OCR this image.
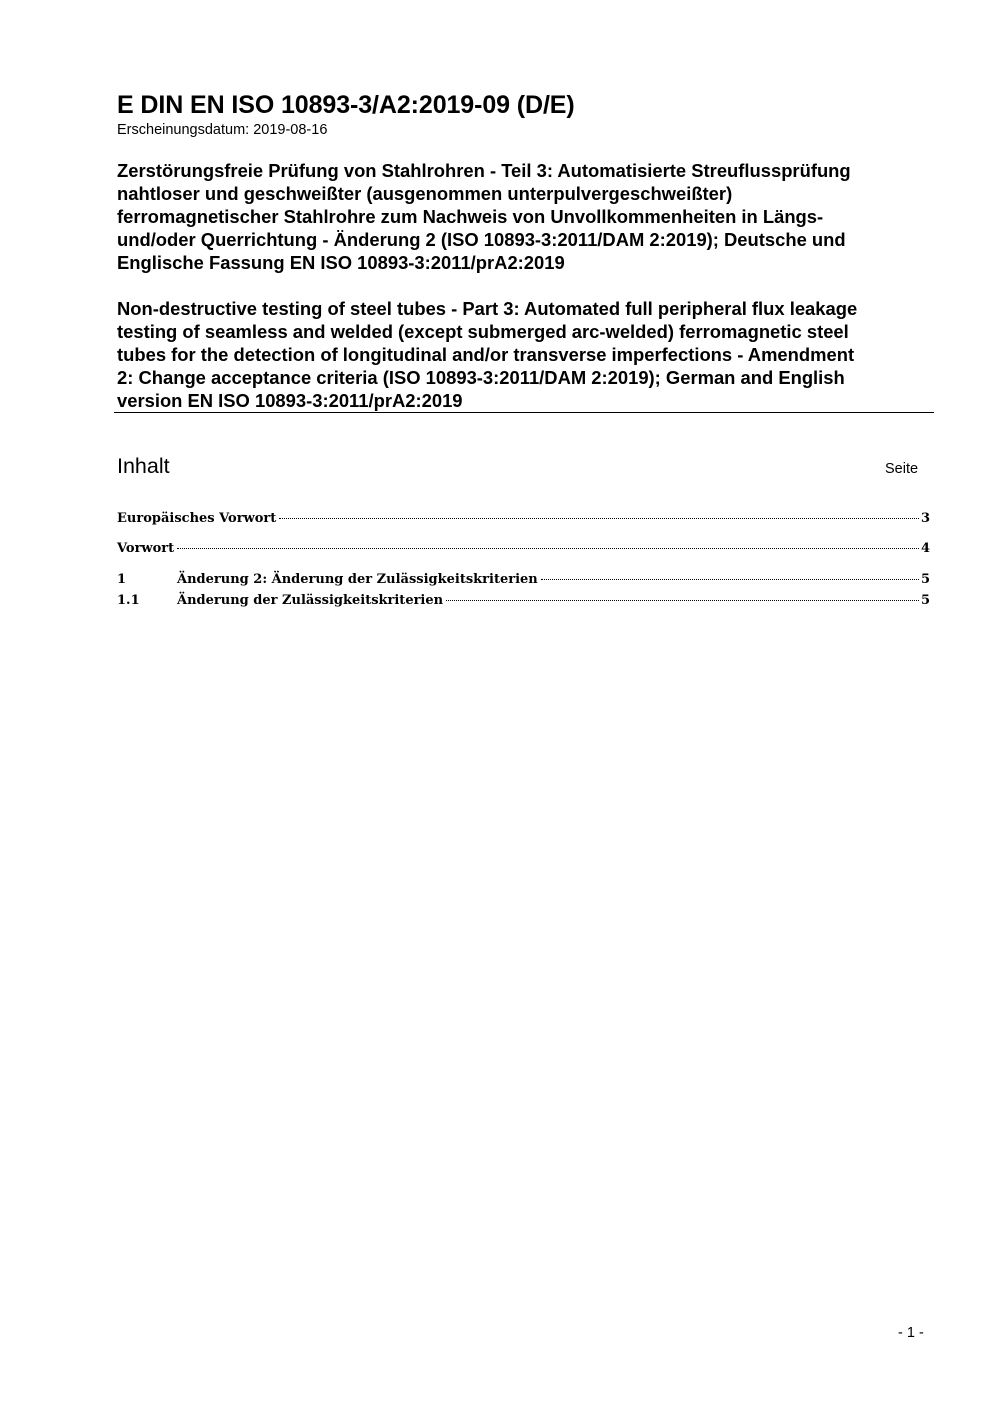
E DIN EN ISO 10893-3/A2:2019-09 (D/E)
Erscheinungsdatum: 2019-08-16
Zerstörungsfreie Prüfung von Stahlrohren - Teil 3: Automatisierte Streuflussprüfung
nahtloser und geschweißter (ausgenommen unterpulvergeschweißter)
ferromagnetischer Stahlrohre zum Nachweis von Unvollkommenheiten in Längs-
und/oder Querrichtung - Änderung 2 (ISO 10893-3:2011/DAM 2:2019); Deutsche und
Englische Fassung EN ISO 10893-3:2011/prA2:2019
Non-destructive testing of steel tubes - Part 3: Automated full peripheral flux leakage
testing of seamless and welded (except submerged arc-welded) ferromagnetic steel
tubes for the detection of longitudinal and/or transverse imperfections - Amendment
2: Change acceptance criteria (ISO 10893-3:2011/DAM 2:2019); German and English
version EN ISO 10893-3:2011/prA2:2019
Inhalt	Seite
Europäisches Vorwort	3
Vorwort	4
1	Änderung 2: Änderung der Zulässigkeitskriterien	5
1.1	Änderung der Zulässigkeitskriterien	5
- 1 -
